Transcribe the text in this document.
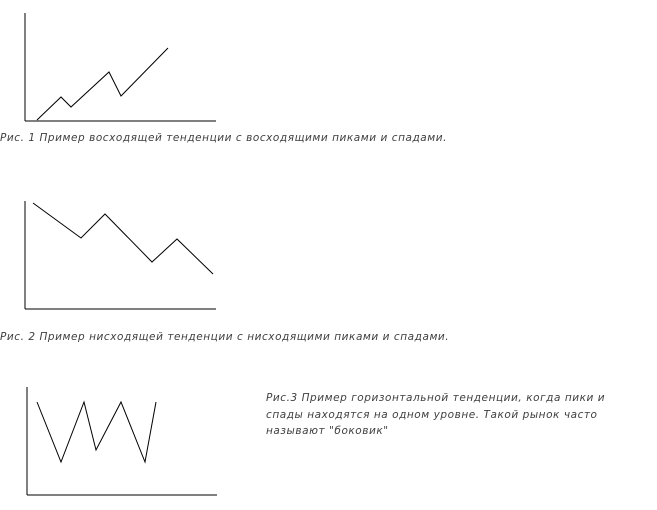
Рис. 1 Пример восходящей тенденции с восходящими пиками и спадами.
Рис. 2 Пример нисходящей тенденции с нисходящими пиками и спадами.
Рис.3 Пример горизонтальной тенденции, когда пики и
спады находятся на одном уровне. Такой рынок часто
называют "боковик"
